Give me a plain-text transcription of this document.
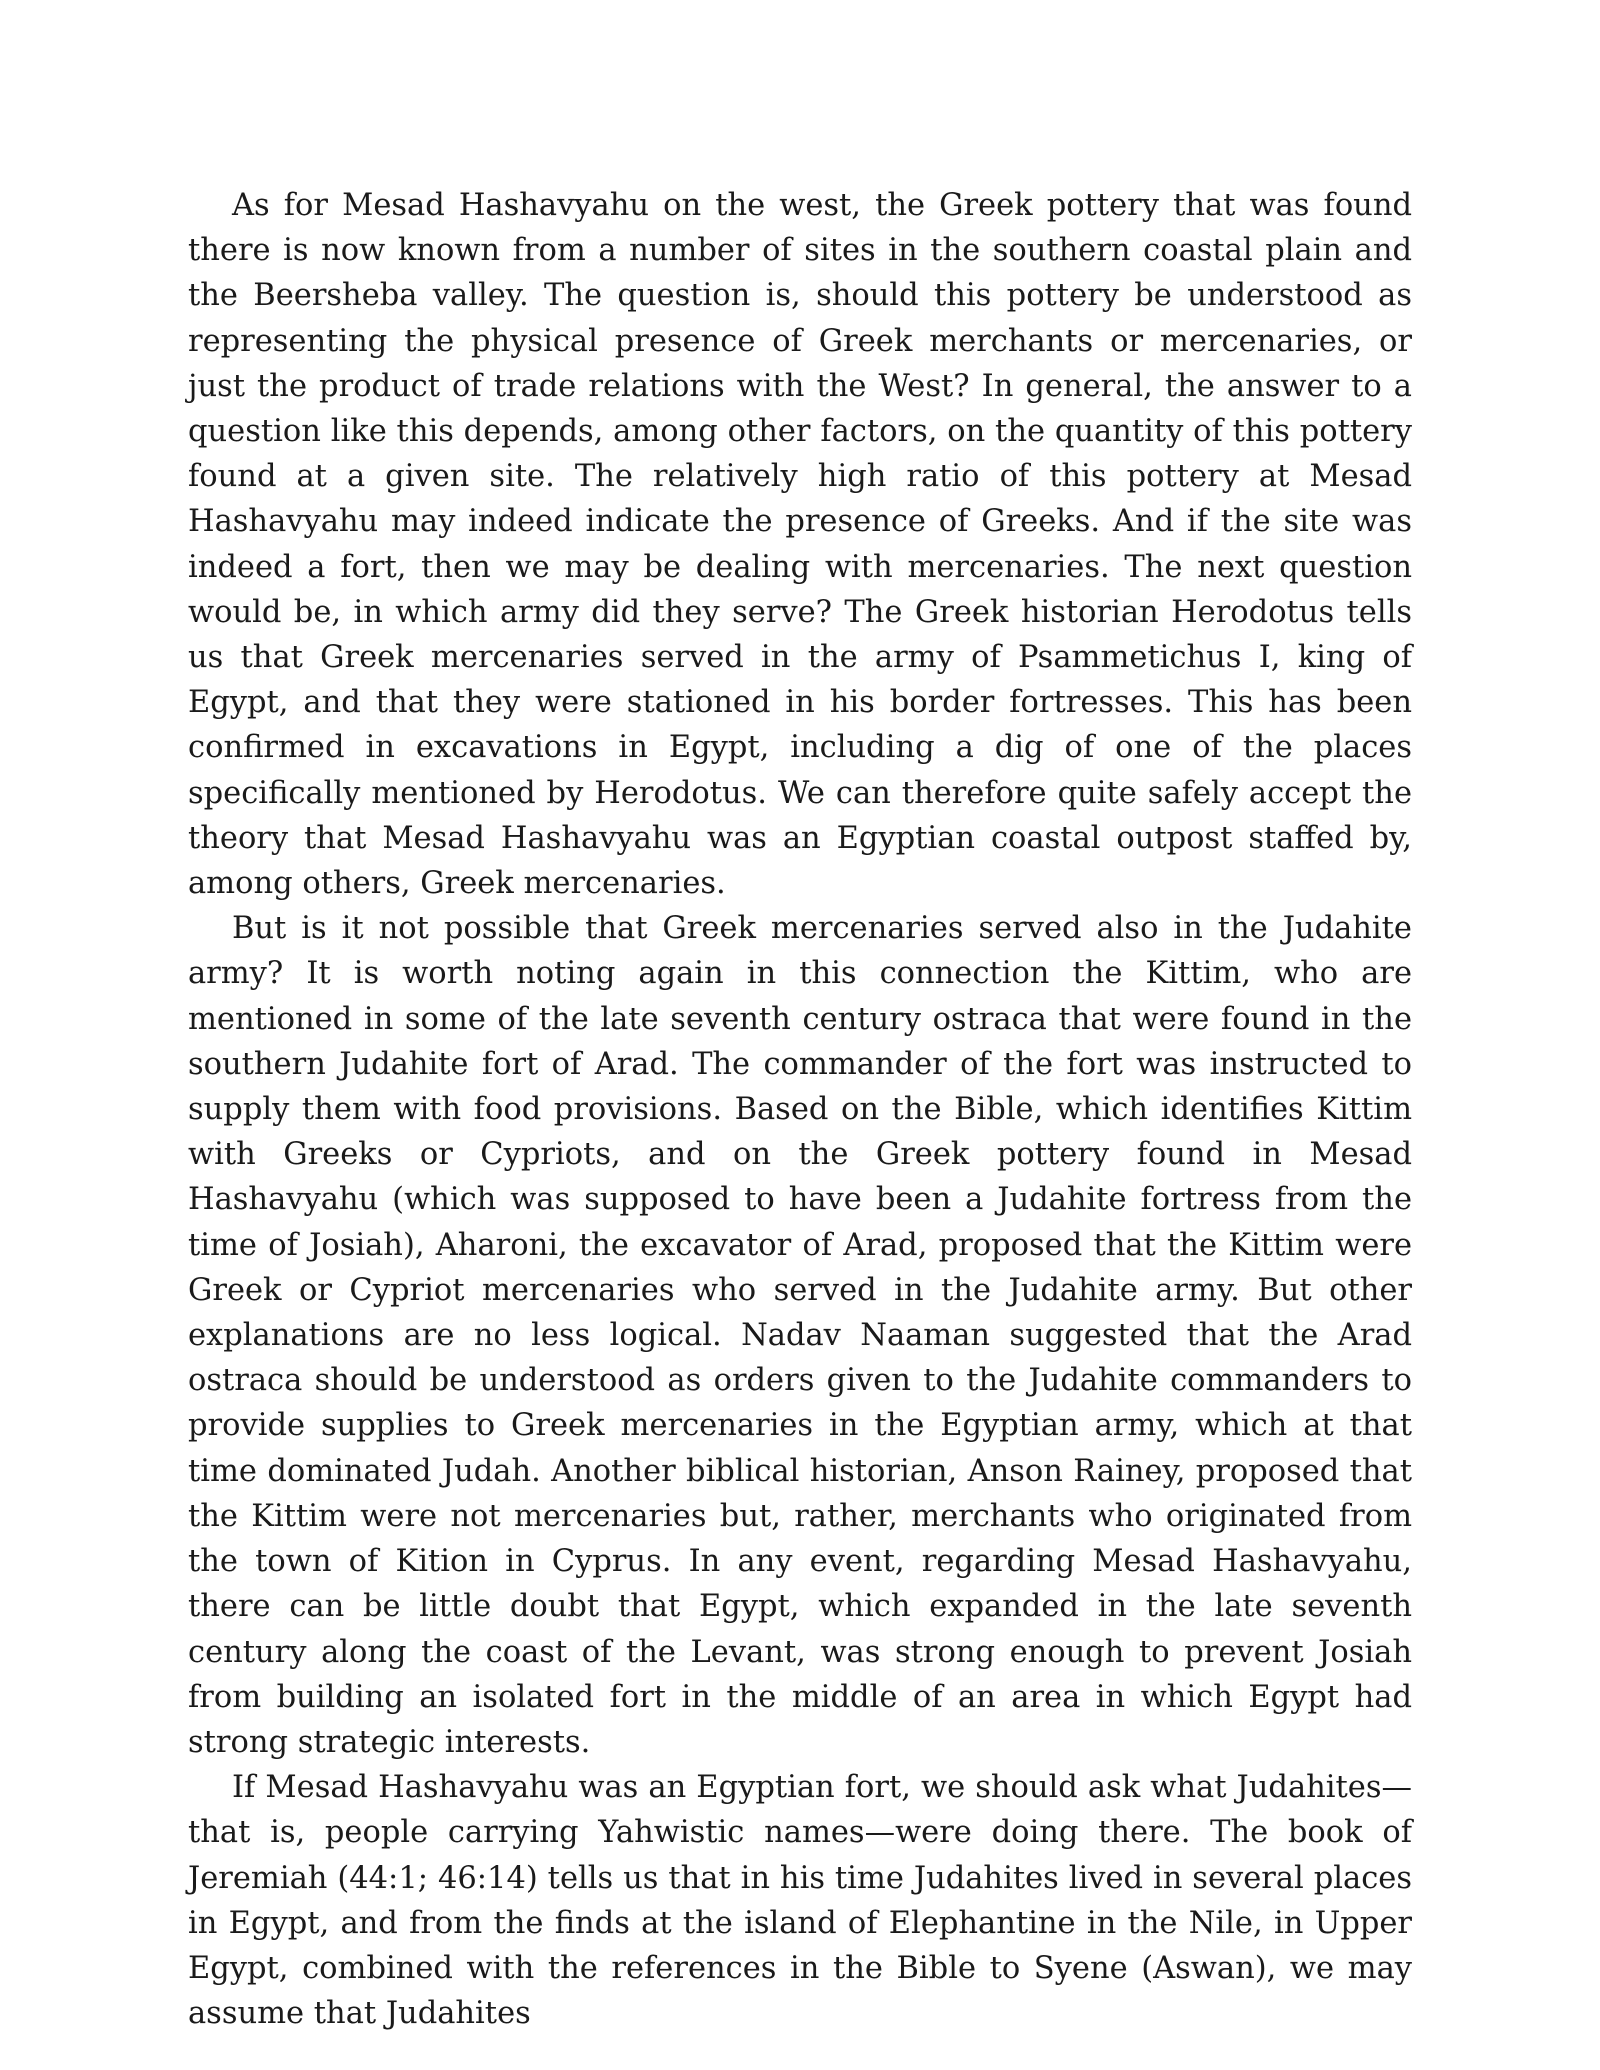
As for Mesad Hashavyahu on the west, the Greek pottery that was found there is now known from a number of sites in the southern coastal plain and the Beersheba valley. The question is, should this pottery be understood as representing the physical presence of Greek merchants or mercenaries, or just the product of trade relations with the West? In general, the answer to a question like this depends, among other factors, on the quantity of this pottery found at a given site. The relatively high ratio of this pottery at Mesad Hashavyahu may indeed indicate the presence of Greeks. And if the site was indeed a fort, then we may be dealing with mercenaries. The next question would be, in which army did they serve? The Greek historian Herodotus tells us that Greek mercenaries served in the army of Psammetichus I, king of Egypt, and that they were stationed in his border fortresses. This has been confirmed in excavations in Egypt, including a dig of one of the places specifically mentioned by Herodotus. We can therefore quite safely accept the theory that Mesad Hashavyahu was an Egyptian coastal outpost staffed by, among others, Greek mercenaries.

But is it not possible that Greek mercenaries served also in the Judahite army? It is worth noting again in this connection the Kittim, who are mentioned in some of the late seventh century ostraca that were found in the southern Judahite fort of Arad. The commander of the fort was instructed to supply them with food provisions. Based on the Bible, which identifies Kittim with Greeks or Cypriots, and on the Greek pottery found in Mesad Hashavyahu (which was supposed to have been a Judahite fortress from the time of Josiah), Aharoni, the excavator of Arad, proposed that the Kittim were Greek or Cypriot mercenaries who served in the Judahite army. But other explanations are no less logical. Nadav Naaman suggested that the Arad ostraca should be understood as orders given to the Judahite commanders to provide supplies to Greek mercenaries in the Egyptian army, which at that time dominated Judah. Another biblical historian, Anson Rainey, proposed that the Kittim were not mercenaries but, rather, merchants who originated from the town of Kition in Cyprus. In any event, regarding Mesad Hashavyahu, there can be little doubt that Egypt, which expanded in the late seventh century along the coast of the Levant, was strong enough to prevent Josiah from building an isolated fort in the middle of an area in which Egypt had strong strategic interests.

If Mesad Hashavyahu was an Egyptian fort, we should ask what Judahites—that is, people carrying Yahwistic names—were doing there. The book of Jeremiah (44:1; 46:14) tells us that in his time Judahites lived in several places in Egypt, and from the finds at the island of Elephantine in the Nile, in Upper Egypt, combined with the references in the Bible to Syene (Aswan), we may assume that Judahites
